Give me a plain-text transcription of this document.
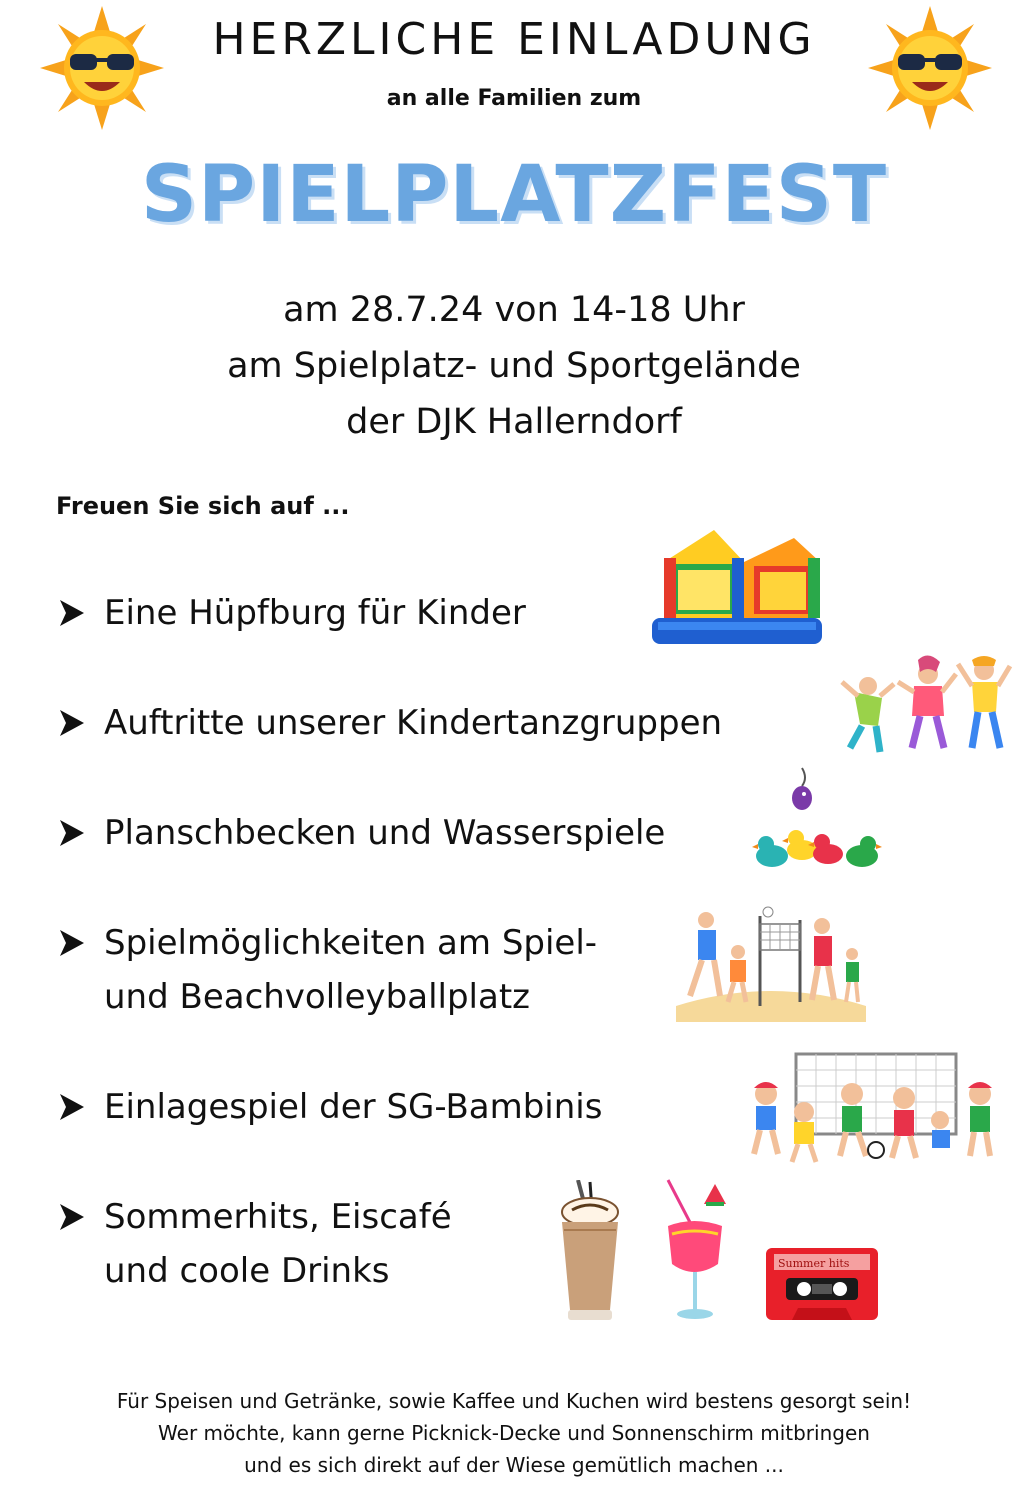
HERZLICHE EINLADUNG
an alle Familien zum
SPIELPLATZFEST
am 28.7.24 von 14-18 Uhr
am Spielplatz- und Sportgelände
der DJK Hallerndorf
Freuen Sie sich auf ...
Eine Hüpfburg für Kinder
Auftritte unserer Kindertanzgruppen
Planschbecken und Wasserspiele
Spielmöglichkeiten am Spiel-
und Beachvolleyballplatz
Einlagespiel der SG-Bambinis
Sommerhits, Eiscafé
und coole Drinks	Summer hits
Für Speisen und Getränke, sowie Kaffee und Kuchen wird bestens gesorgt sein!
Wer möchte, kann gerne Picknick-Decke und Sonnenschirm mitbringen
und es sich direkt auf der Wiese gemütlich machen ...
